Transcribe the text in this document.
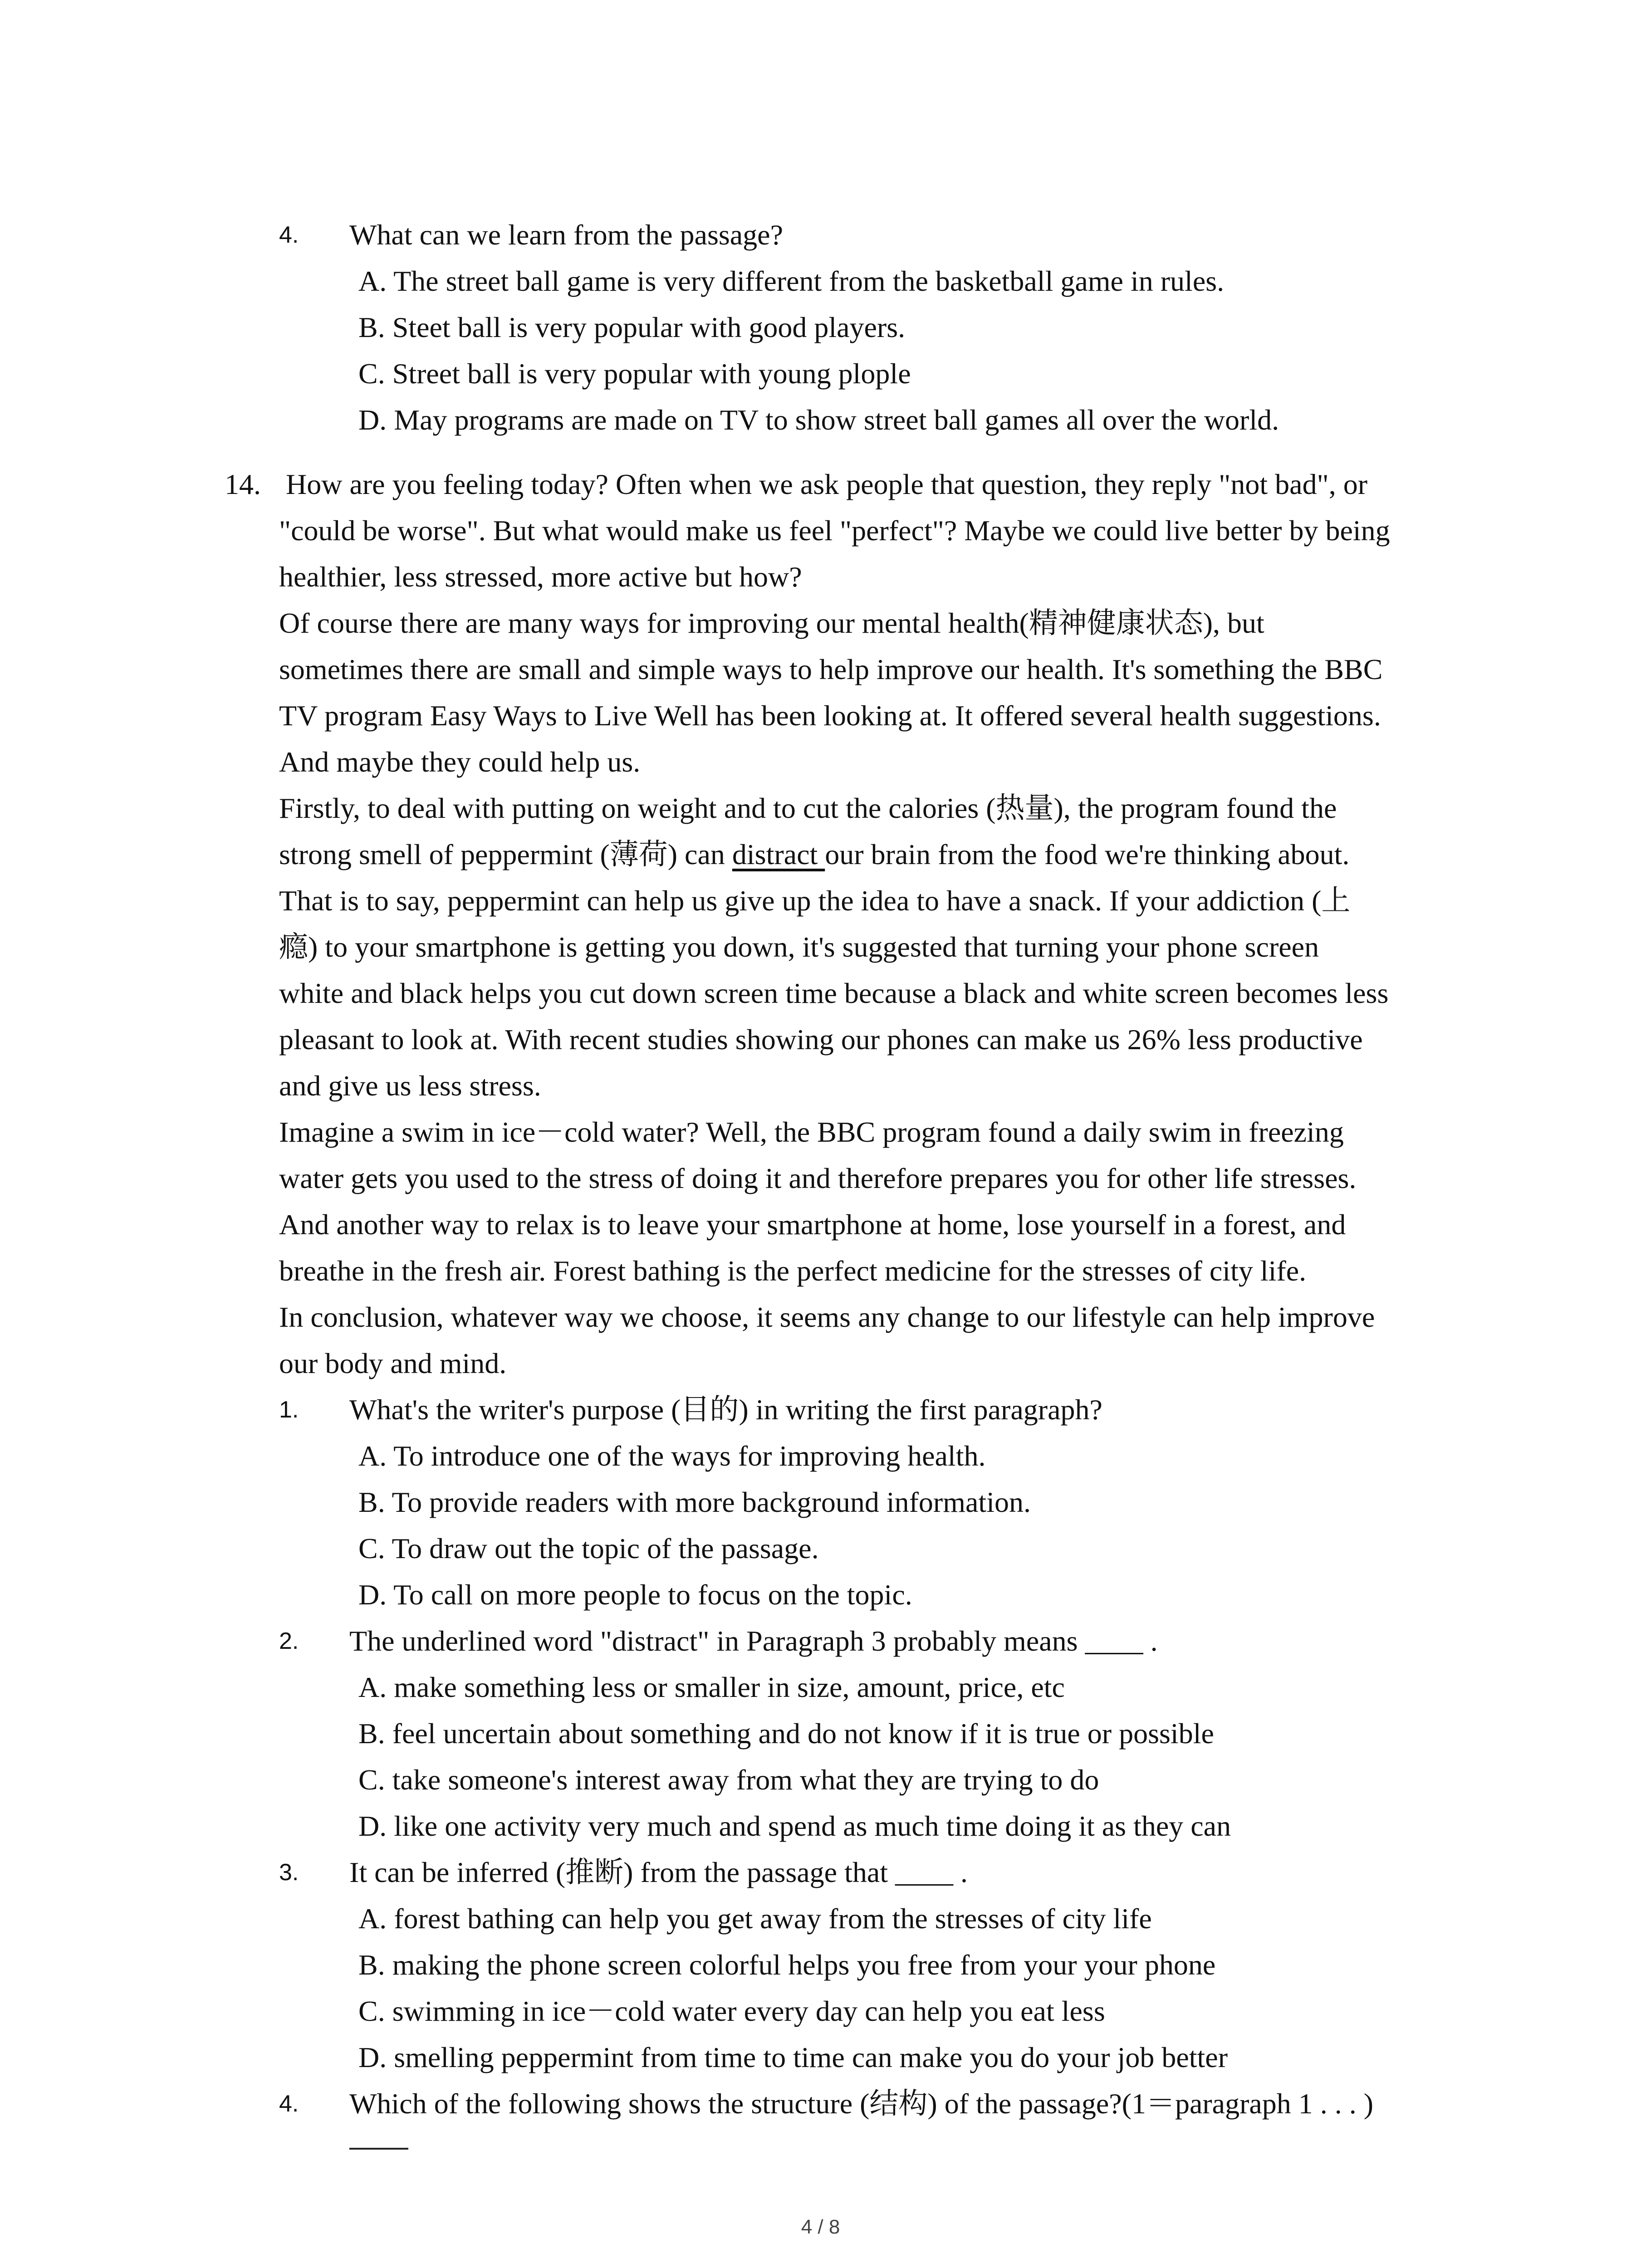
4. What can we learn from the passage?
A. The street ball game is very different from the basketball game in rules.
B. Steet ball is very popular with good players.
C. Street ball is very popular with young plople
D. May programs are made on TV to show street ball games all over the world.
14. How are you feeling today? Often when we ask people that question, they reply "not bad", or
"could be worse". But what would make us feel "perfect"? Maybe we could live better by being
healthier, less stressed, more active but how?
Of course there are many ways for improving our mental health(精神健康状态), but
sometimes there are small and simple ways to help improve our health. It's something the BBC
TV program Easy Ways to Live Well has been looking at. It offered several health suggestions.
And maybe they could help us.
Firstly, to deal with putting on weight and to cut the calories (热量), the program found the
strong smell of peppermint (薄荷) can distract our brain from the food we're thinking about.
That is to say, peppermint can help us give up the idea to have a snack. If your addiction (上
瘾) to your smartphone is getting you down, it's suggested that turning your phone screen
white and black helps you cut down screen time because a black and white screen becomes less
pleasant to look at. With recent studies showing our phones can make us 26% less productive
and give us less stress.
Imagine a swim in ice－cold water? Well, the BBC program found a daily swim in freezing
water gets you used to the stress of doing it and therefore prepares you for other life stresses.
And another way to relax is to leave your smartphone at home, lose yourself in a forest, and
breathe in the fresh air. Forest bathing is the perfect medicine for the stresses of city life.
In conclusion, whatever way we choose, it seems any change to our lifestyle can help improve
our body and mind.
1. What's the writer's purpose (目的) in writing the first paragraph?
A. To introduce one of the ways for improving health.
B. To provide readers with more background information.
C. To draw out the topic of the passage.
D. To call on more people to focus on the topic.
2. The underlined word "distract" in Paragraph 3 probably means ____ .
A. make something less or smaller in size, amount, price, etc
B. feel uncertain about something and do not know if it is true or possible
C. take someone's interest away from what they are trying to do
D. like one activity very much and spend as much time doing it as they can
3. It can be inferred (推断) from the passage that ____ .
A. forest bathing can help you get away from the stresses of city life
B. making the phone screen colorful helps you free from your your phone
C. swimming in ice－cold water every day can help you eat less
D. smelling peppermint from time to time can make you do your job better
4. Which of the following shows the structure (结构) of the passage?(1＝paragraph 1 . . . )
4 / 8
